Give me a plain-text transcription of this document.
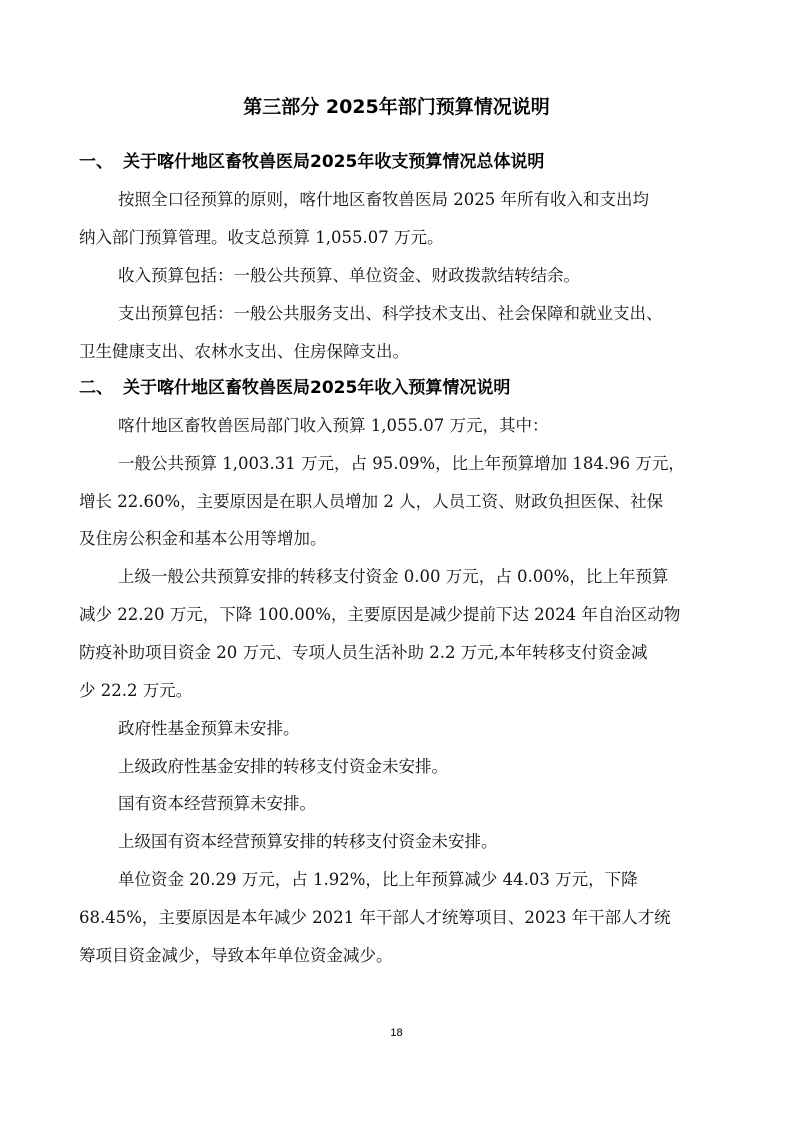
第三部分 2025年部门预算情况说明
一、 关于喀什地区畜牧兽医局2025年收支预算情况总体说明
按照全口径预算的原则，喀什地区畜牧兽医局 2025 年所有收入和支出均
纳入部门预算管理。收支总预算 1,055.07 万元。
收入预算包括：一般公共预算、单位资金、财政拨款结转结余。
支出预算包括：一般公共服务支出、科学技术支出、社会保障和就业支出、
卫生健康支出、农林水支出、住房保障支出。
二、 关于喀什地区畜牧兽医局2025年收入预算情况说明
喀什地区畜牧兽医局部门收入预算 1,055.07 万元，其中：
一般公共预算 1,003.31 万元，占 95.09%，比上年预算增加 184.96 万元，
增长 22.60%，主要原因是在职人员增加 2 人，人员工资、财政负担医保、社保
及住房公积金和基本公用等增加。
上级一般公共预算安排的转移支付资金 0.00 万元，占 0.00%，比上年预算
减少 22.20 万元，下降 100.00%，主要原因是减少提前下达 2024 年自治区动物
防疫补助项目资金 20 万元、专项人员生活补助 2.2 万元,本年转移支付资金减
少 22.2 万元。
政府性基金预算未安排。
上级政府性基金安排的转移支付资金未安排。
国有资本经营预算未安排。
上级国有资本经营预算安排的转移支付资金未安排。
单位资金 20.29 万元，占 1.92%，比上年预算减少 44.03 万元，下降
68.45%，主要原因是本年减少 2021 年干部人才统筹项目、2023 年干部人才统
筹项目资金减少，导致本年单位资金减少。
18
